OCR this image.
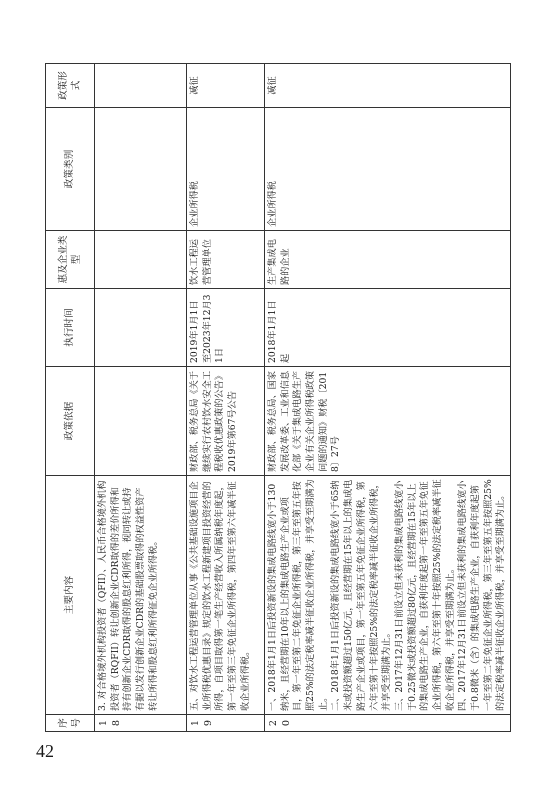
序号	主要内容	政策依据	执行时间	惠及企业类型	政策类别	政策形式
18	3. 对合格境外机构投资者（QFII）、人民币合格境外机构投资者（RQFII）转让创新企业CDR取得的差价所得和持有创新企业CDR取得的股息红利所得，视同转让或持有据以发行创新企业CDR的基础股票取得的权益性资产转让所得和股息红利所得征免企业所得税。					

19	五、对饮水工程运营管理单位从事《公共基础设施项目企业所得税优惠目录》规定的饮水工程新建项目投资经营的所得，自项目取得第一笔生产经营收入所属纳税年度起，第一年至第三年免征企业所得税，第四年至第六年减半征收企业所得税。	财政部、税务总局《关于继续实行农村饮水安全工程税收优惠政策的公告》2019年第67号公告	2019年1月1日至2023年12月31日	饮水工程运营管理单位	企业所得税	减征
20	一、2018年1月1日后投资新设的集成电路线宽小于130纳米，且经营期在10年以上的集成电路生产企业或项目，第一年至第二年免征企业所得税，第三年至第五年按照25%的法定税率减半征收企业所得税，并享受至期满为止。 二、2018年1月1日后投资新设的集成电路线宽小于65纳米或投资额超过150亿元，且经营期在15年以上的集成电路生产企业或项目，第一年至第五年免征企业所得税，第六年至第十年按照25%的法定税率减半征收企业所得税，并享受至期满为止。 三、2017年12月31日前设立但未获利的集成电路线宽小于0.25微米或投资额超过80亿元，且经营期在15年以上的集成电路生产企业，自获利年度起第一年至第五年免征企业所得税，第六年至第十年按照25%的法定税率减半征收企业所得税，并享受至期满为止。 四、2017年12月31日前设立但未获利的集成电路线宽小于0.8微米（含）的集成电路生产企业，自获利年度起第一年至第二年免征企业所得税，第三年至第五年按照25%的法定税率减半征收企业所得税，并享受至期满为止。	财政部、税务总局、国家发展改革委、工业和信息化部《关于集成电路生产企业有关企业所得税政策问题的通知》财税〔2018〕27号	2018年1月1日起	生产集成电路的企业	企业所得税	减征
42
